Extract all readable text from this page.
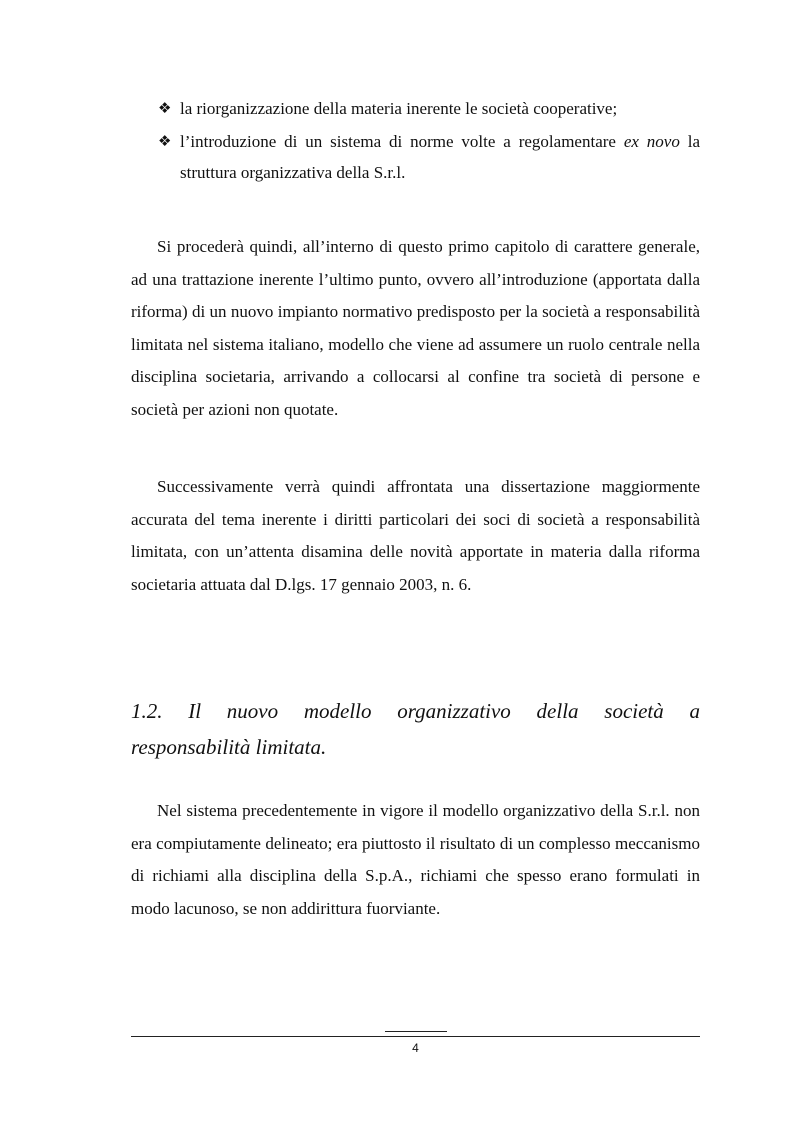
❖ la riorganizzazione della materia inerente le società cooperative;
❖ l’introduzione di un sistema di norme volte a regolamentare ex novo la struttura organizzativa della S.r.l.

Si procederà quindi, all’interno di questo primo capitolo di carattere generale, ad una trattazione inerente l’ultimo punto, ovvero all’introduzione (apportata dalla riforma) di un nuovo impianto normativo predisposto per la società a responsabilità limitata nel sistema italiano, modello che viene ad assumere un ruolo centrale nella disciplina societaria, arrivando a collocarsi al confine tra società di persone e società per azioni non quotate.

Successivamente verrà quindi affrontata una dissertazione maggiormente accurata del tema inerente i diritti particolari dei soci di società a responsabilità limitata, con un’attenta disamina delle novità apportate in materia dalla riforma societaria attuata dal D.lgs. 17 gennaio 2003, n. 6.

1.2. Il nuovo modello organizzativo della società a
responsabilità limitata.

Nel sistema precedentemente in vigore il modello organizzativo della S.r.l. non era compiutamente delineato; era piuttosto il risultato di un complesso meccanismo di richiami alla disciplina della S.p.A., richiami che spesso erano formulati in modo lacunoso, se non addirittura fuorviante.

4
